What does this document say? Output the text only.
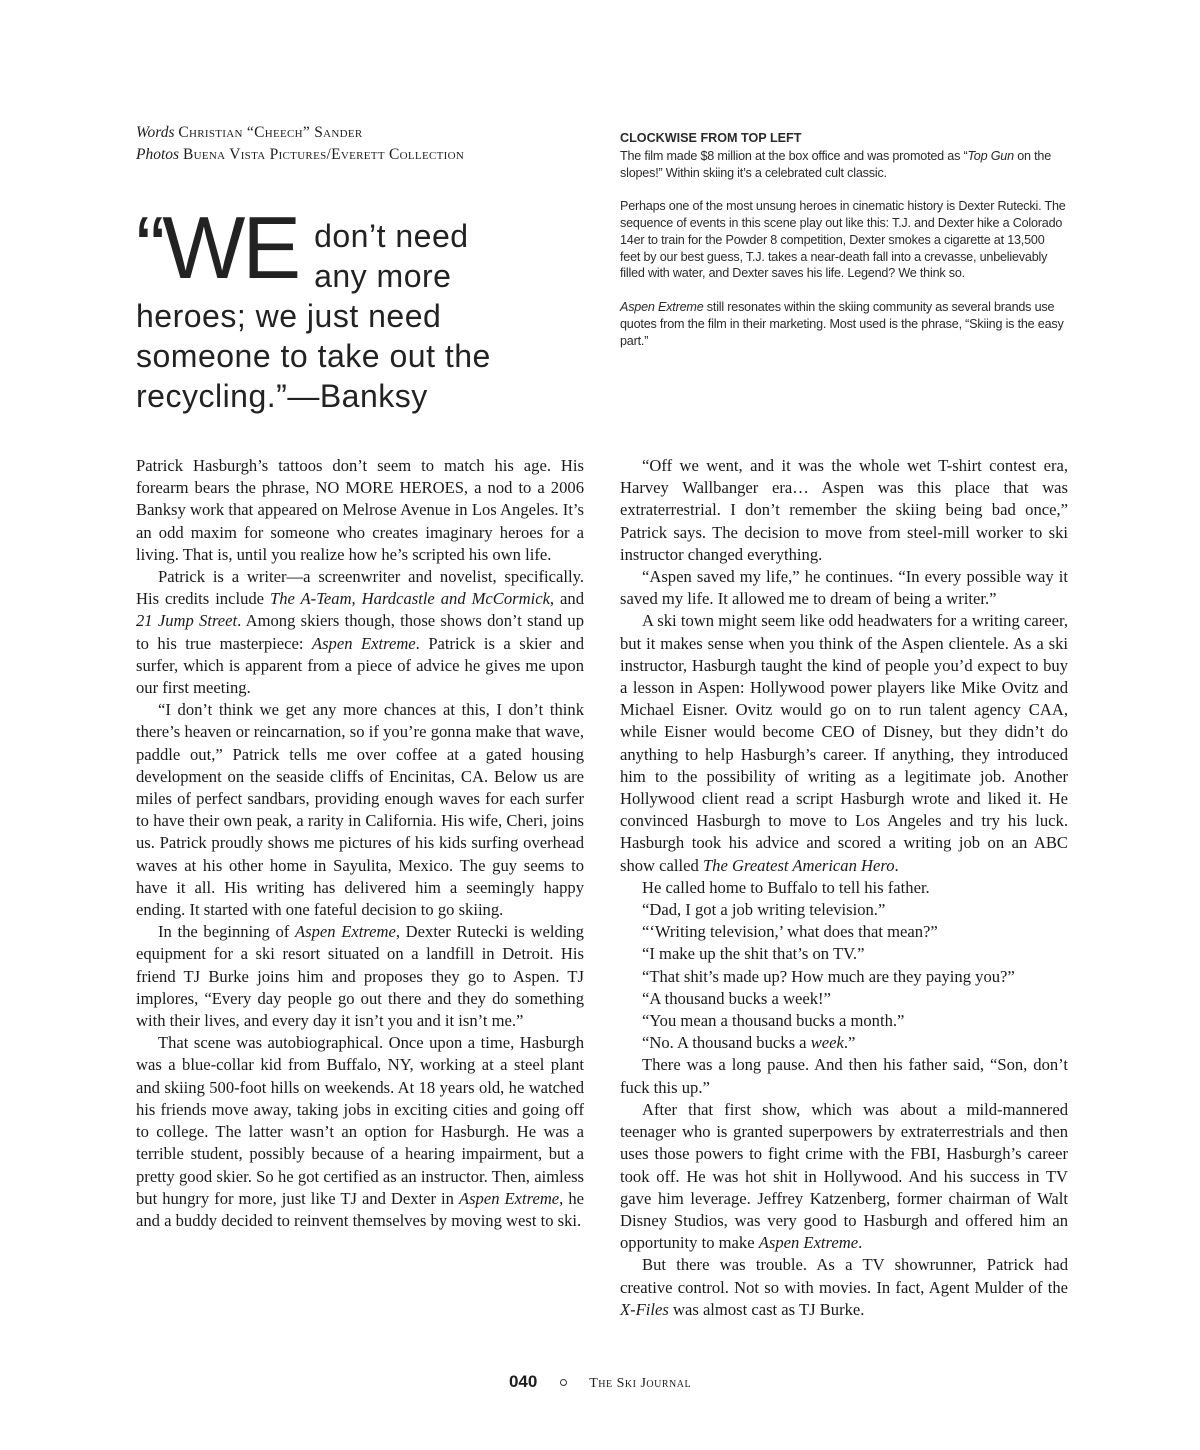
Words Christian “Cheech” Sander
Photos Buena Vista Pictures/Everett Collection
“WE don’t need
any more
heroes; we just need
someone to take out the
recycling.”—Banksy
CLOCKWISE FROM TOP LEFT

The film made $8 million at the box office and was promoted as “Top Gun on the slopes!” Within skiing it’s a celebrated cult classic.

Perhaps one of the most unsung heroes in cinematic history is Dexter Rutecki. The sequence of events in this scene play out like this: T.J. and Dexter hike a Colorado 14er to train for the Powder 8 competition, Dexter smokes a cigarette at 13,500 feet by our best guess, T.J. takes a near-death fall into a crevasse, unbelievably filled with water, and Dexter saves his life. Legend? We think so.

Aspen Extreme still resonates within the skiing community as several brands use quotes from the film in their marketing. Most used is the phrase, “Skiing is the easy part.”

Patrick Hasburgh’s tattoos don’t seem to match his age. His forearm bears the phrase, NO MORE HEROES, a nod to a 2006 Banksy work that appeared on Melrose Avenue in Los Angeles. It’s an odd maxim for someone who creates imaginary heroes for a living. That is, until you realize how he’s scripted his own life.

Patrick is a writer—a screenwriter and novelist, specifically. His credits include The A-Team, Hardcastle and McCormick, and 21 Jump Street. Among skiers though, those shows don’t stand up to his true masterpiece: Aspen Extreme. Patrick is a skier and surfer, which is apparent from a piece of advice he gives me upon our first meeting.

“I don’t think we get any more chances at this, I don’t think there’s heaven or reincarnation, so if you’re gonna make that wave, paddle out,” Patrick tells me over coffee at a gated housing development on the seaside cliffs of Encinitas, CA. Below us are miles of perfect sandbars, providing enough waves for each surfer to have their own peak, a rarity in California. His wife, Cheri, joins us. Patrick proudly shows me pictures of his kids surfing overhead waves at his other home in Sayulita, Mexico. The guy seems to have it all. His writing has delivered him a seemingly happy ending. It started with one fateful decision to go skiing.

In the beginning of Aspen Extreme, Dexter Rutecki is welding equipment for a ski resort situated on a landfill in Detroit. His friend TJ Burke joins him and proposes they go to Aspen. TJ implores, “Every day people go out there and they do something with their lives, and every day it isn’t you and it isn’t me.”

That scene was autobiographical. Once upon a time, Hasburgh was a blue-collar kid from Buffalo, NY, working at a steel plant and skiing 500-foot hills on weekends. At 18 years old, he watched his friends move away, taking jobs in exciting cities and going off to college. The latter wasn’t an option for Hasburgh. He was a terrible student, possibly because of a hearing impairment, but a pretty good skier. So he got certified as an instructor. Then, aimless but hungry for more, just like TJ and Dexter in Aspen Extreme, he and a buddy decided to reinvent themselves by moving west to ski.

“Off we went, and it was the whole wet T-shirt contest era, Harvey Wallbanger era… Aspen was this place that was extraterrestrial. I don’t remember the skiing being bad once,” Patrick says. The decision to move from steel-mill worker to ski instructor changed everything.

“Aspen saved my life,” he continues. “In every possible way it saved my life. It allowed me to dream of being a writer.”

A ski town might seem like odd headwaters for a writing career, but it makes sense when you think of the Aspen clientele. As a ski instructor, Hasburgh taught the kind of people you’d expect to buy a lesson in Aspen: Hollywood power players like Mike Ovitz and Michael Eisner. Ovitz would go on to run talent agency CAA, while Eisner would become CEO of Disney, but they didn’t do anything to help Hasburgh’s career. If anything, they introduced him to the possibility of writing as a legitimate job. Another Hollywood client read a script Hasburgh wrote and liked it. He convinced Hasburgh to move to Los Angeles and try his luck. Hasburgh took his advice and scored a writing job on an ABC show called The Greatest American Hero.

He called home to Buffalo to tell his father.

“Dad, I got a job writing television.”

“‘Writing television,’ what does that mean?”

“I make up the shit that’s on TV.”

“That shit’s made up? How much are they paying you?”

“A thousand bucks a week!”

“You mean a thousand bucks a month.”

“No. A thousand bucks a week.”

There was a long pause. And then his father said, “Son, don’t fuck this up.”

After that first show, which was about a mild-mannered teenager who is granted superpowers by extraterrestrials and then uses those powers to fight crime with the FBI, Hasburgh’s career took off. He was hot shit in Hollywood. And his success in TV gave him leverage. Jeffrey Katzenberg, former chairman of Walt Disney Studios, was very good to Hasburgh and offered him an opportunity to make Aspen Extreme.

But there was trouble. As a TV showrunner, Patrick had creative control. Not so with movies. In fact, Agent Mulder of the X-Files was almost cast as TJ Burke.

040	The Ski Journal
